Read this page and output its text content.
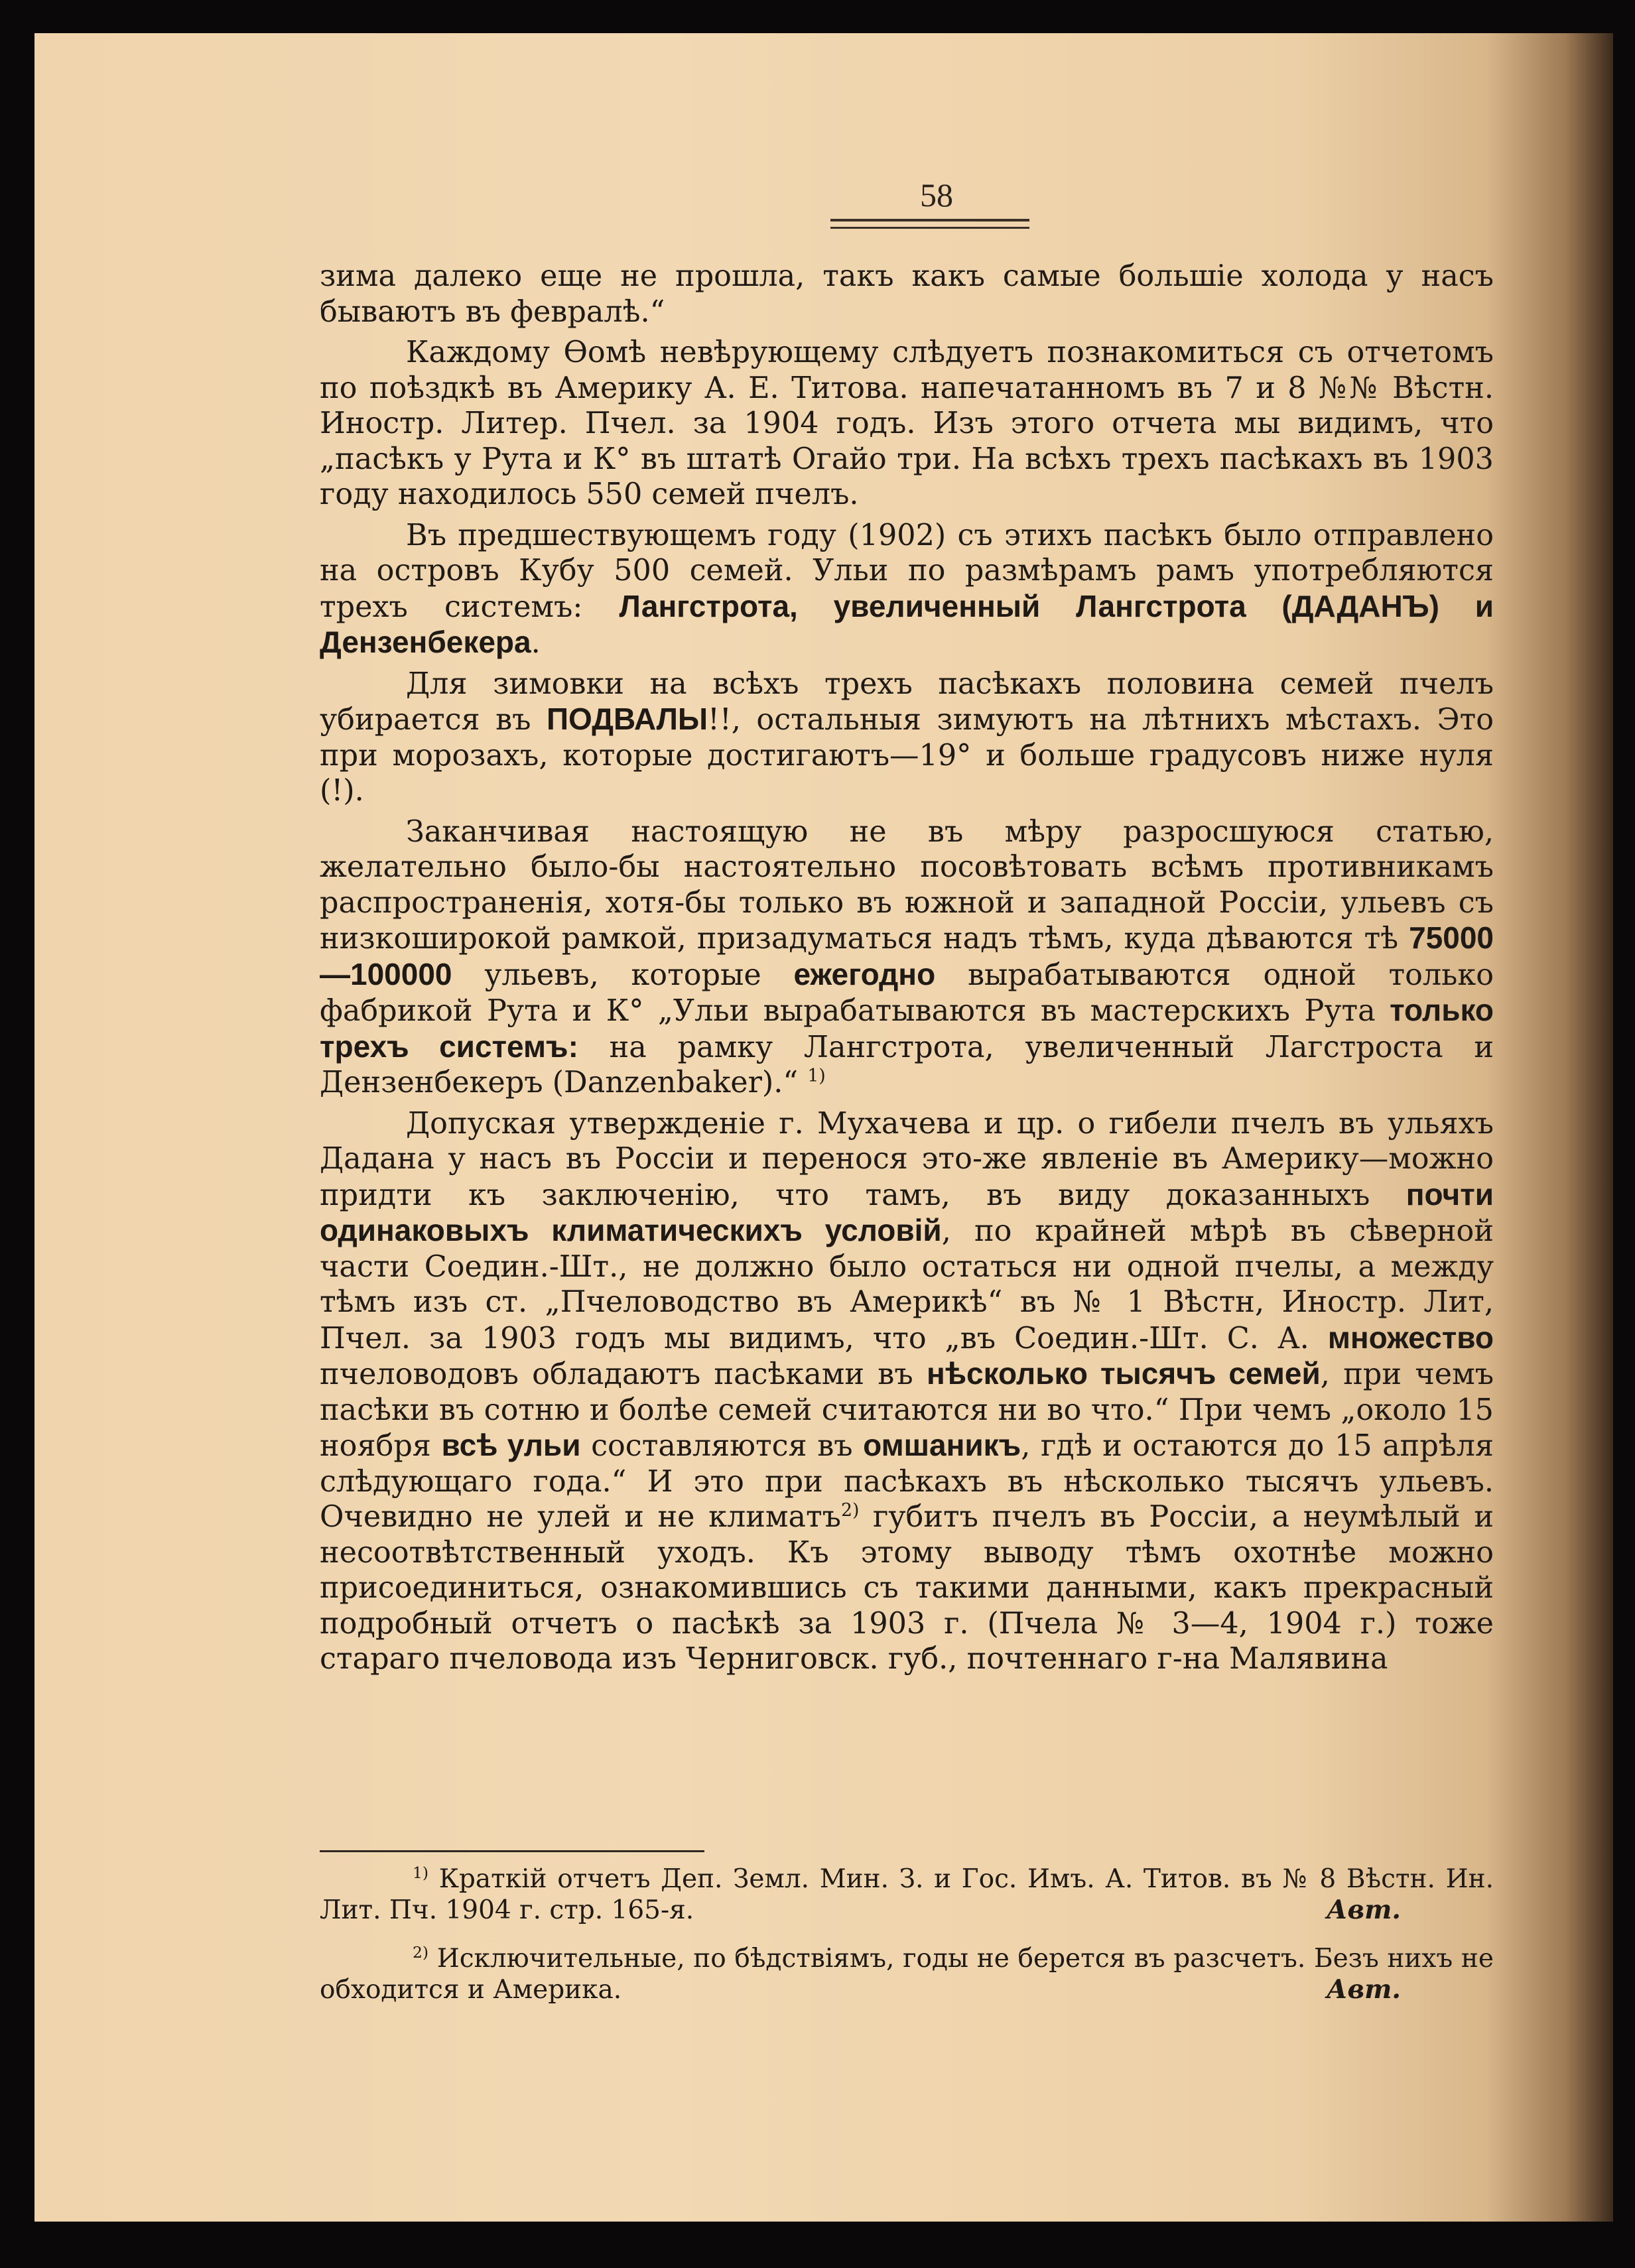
58

зима далеко еще не прошла, такъ какъ самые большіе холода у насъ бываютъ въ февралѣ.“

Каждому Ѳомѣ невѣрующему слѣдуетъ познакомиться съ отчетомъ по поѣздкѣ въ Америку А. Е. Титова. напечатанномъ въ 7 и 8 №№ Вѣстн. Иностр. Литер. Пчел. за 1904 годъ. Изъ этого отчета мы видимъ, что „пасѣкъ у Рута и К° въ штатѣ Огайо три. На всѣхъ трехъ пасѣкахъ въ 1903 году находилось 550 семей пчелъ.

Въ предшествующемъ году (1902) съ этихъ пасѣкъ было отправлено на островъ Кубу 500 семей. Ульи по размѣрамъ рамъ употребляются трехъ системъ: Лангстрота, увеличенный Лангстрота (ДАДАНЪ) и Дензенбекера.

Для зимовки на всѣхъ трехъ пасѣкахъ половина семей пчелъ убирается въ ПОДВАЛЫ!!, остальныя зимуютъ на лѣтнихъ мѣстахъ. Это при морозахъ, которые достигаютъ—19° и больше градусовъ ниже нуля (!).

Заканчивая настоящую не въ мѣру разросшуюся статью, желательно было-бы настоятельно посовѣтовать всѣмъ противникамъ распространенія, хотя-бы только въ южной и западной Россіи, ульевъ съ низкоширокой рамкой, призадуматься надъ тѣмъ, куда дѣваются тѣ 75000—100000 ульевъ, которые ежегодно вырабатываются одной только фабрикой Рута и К° „Ульи вырабатываются въ мастерскихъ Рута только трехъ системъ: на рамку Лангстрота, увеличенный Лагстроста и Дензенбекеръ (Danzenbaker).“ $^{1)}$

Допуская утвержденіе г. Мухачева и цр. о гибели пчелъ въ ульяхъ Дадана у насъ въ Россіи и перенося это-же явленіе въ Америку—можно придти къ заключенію, что тамъ, въ виду доказанныхъ почти одинаковыхъ климатическихъ условій, по крайней мѣрѣ въ сѣверной части Соедин.-Шт., не должно было остаться ни одной пчелы, а между тѣмъ изъ ст. „Пчеловодство въ Америкѣ“ въ № 1 Вѣстн, Иностр. Лит, Пчел. за 1903 годъ мы видимъ, что „въ Соедин.-Шт. С. А. множество пчеловодовъ обладаютъ пасѣками въ нѣсколько тысячъ семей, при чемъ пасѣки въ сотню и болѣе семей считаются ни во что.“ При чемъ „около 15 ноября всѣ ульи составляются въ омшаникъ, гдѣ и остаются до 15 апрѣля слѣдующаго года.“ И это при пасѣкахъ въ нѣсколько тысячъ ульевъ. Очевидно не улей и не климатъ$^{2)}$ губитъ пчелъ въ Россіи, а неумѣлый и несоотвѣтственный уходъ. Къ этому выводу тѣмъ охотнѣе можно присоединиться, ознакомившись съ такими данными, какъ прекрасный подробный отчетъ о пасѣкѣ за 1903 г. (Пчела № 3—4, 1904 г.) тоже стараго пчеловода изъ Черниговск. губ., почтеннаго г-на Малявина

$^{1)}$ Краткій отчетъ Деп. Земл. Мин. З. и Гос. Имъ. А. Титов. въ № 8 Вѣстн. Ин. Лит. Пч. 1904 г. стр. 165-я.	Авт.

$^{2)}$ Исключительные, по бѣдствіямъ, годы не берется въ разсчетъ. Безъ нихъ не обходится и Америка.	Авт.
